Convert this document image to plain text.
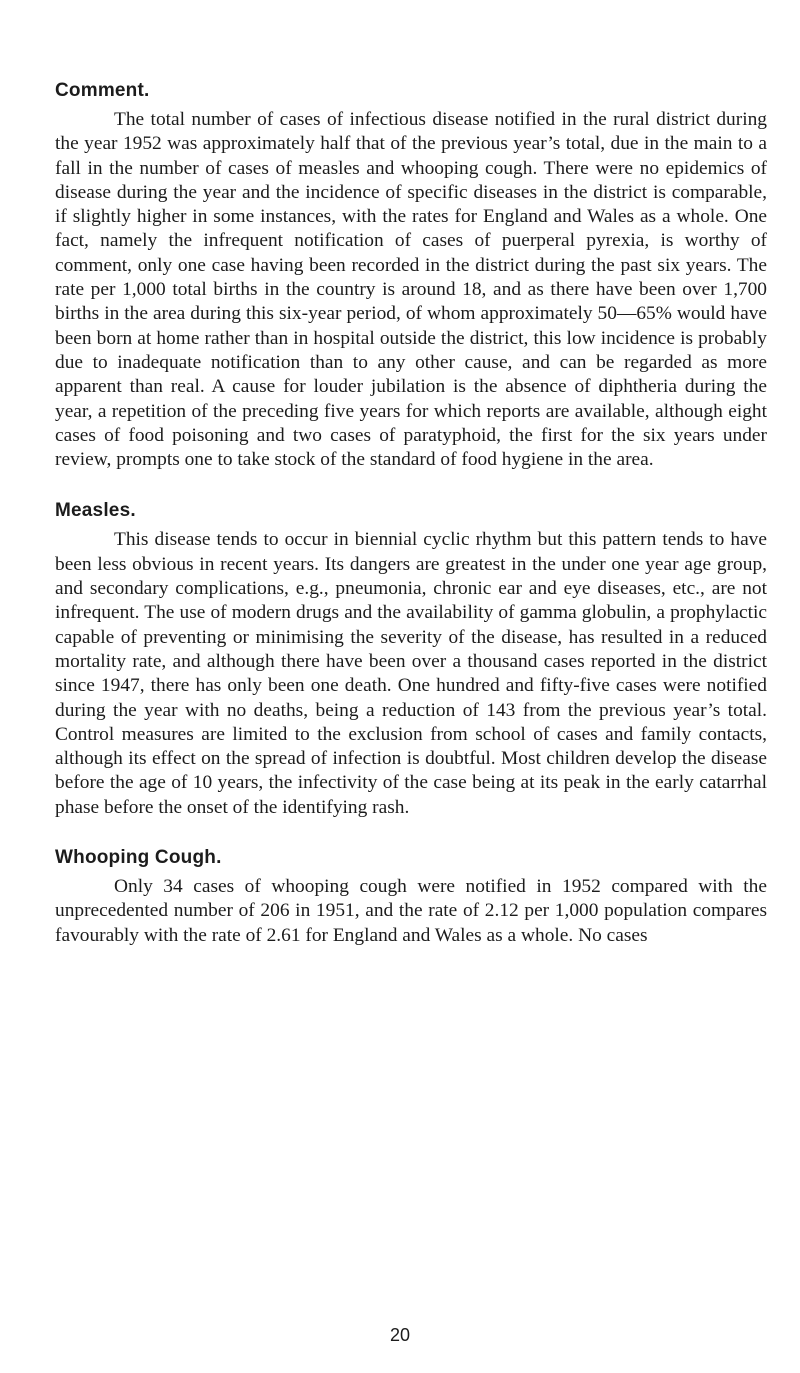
Comment.

The total number of cases of infectious disease notified in the rural district during the year 1952 was approximately half that of the previous year’s total, due in the main to a fall in the number of cases of measles and whooping cough. There were no epidemics of disease during the year and the incidence of specific diseases in the district is comparable, if slightly higher in some instances, with the rates for England and Wales as a whole. One fact, namely the infrequent notification of cases of puerperal pyrexia, is worthy of comment, only one case having been recorded in the district during the past six years. The rate per 1,000 total births in the country is around 18, and as there have been over 1,700 births in the area during this six-year period, of whom approximately 50—65% would have been born at home rather than in hospital outside the district, this low incidence is probably due to inadequate notification than to any other cause, and can be regarded as more apparent than real. A cause for louder jubilation is the absence of diphtheria during the year, a repetition of the preceding five years for which reports are available, although eight cases of food poisoning and two cases of paratyphoid, the first for the six years under review, prompts one to take stock of the standard of food hygiene in the area.

Measles.

This disease tends to occur in biennial cyclic rhythm but this pattern tends to have been less obvious in recent years. Its dangers are greatest in the under one year age group, and secondary complications, e.g., pneumonia, chronic ear and eye diseases, etc., are not infrequent. The use of modern drugs and the availability of gamma globulin, a prophylactic capable of preventing or minimising the severity of the disease, has resulted in a reduced mortality rate, and although there have been over a thousand cases reported in the district since 1947, there has only been one death. One hundred and fifty-five cases were notified during the year with no deaths, being a reduction of 143 from the previous year’s total. Control measures are limited to the exclusion from school of cases and family contacts, although its effect on the spread of infection is doubtful. Most children develop the disease before the age of 10 years, the infectivity of the case being at its peak in the early catarrhal phase before the onset of the identifying rash.

Whooping Cough.

Only 34 cases of whooping cough were notified in 1952 compared with the unprecedented number of 206 in 1951, and the rate of 2.12 per 1,000 population compares favourably with the rate of 2.61 for England and Wales as a whole. No cases

20
